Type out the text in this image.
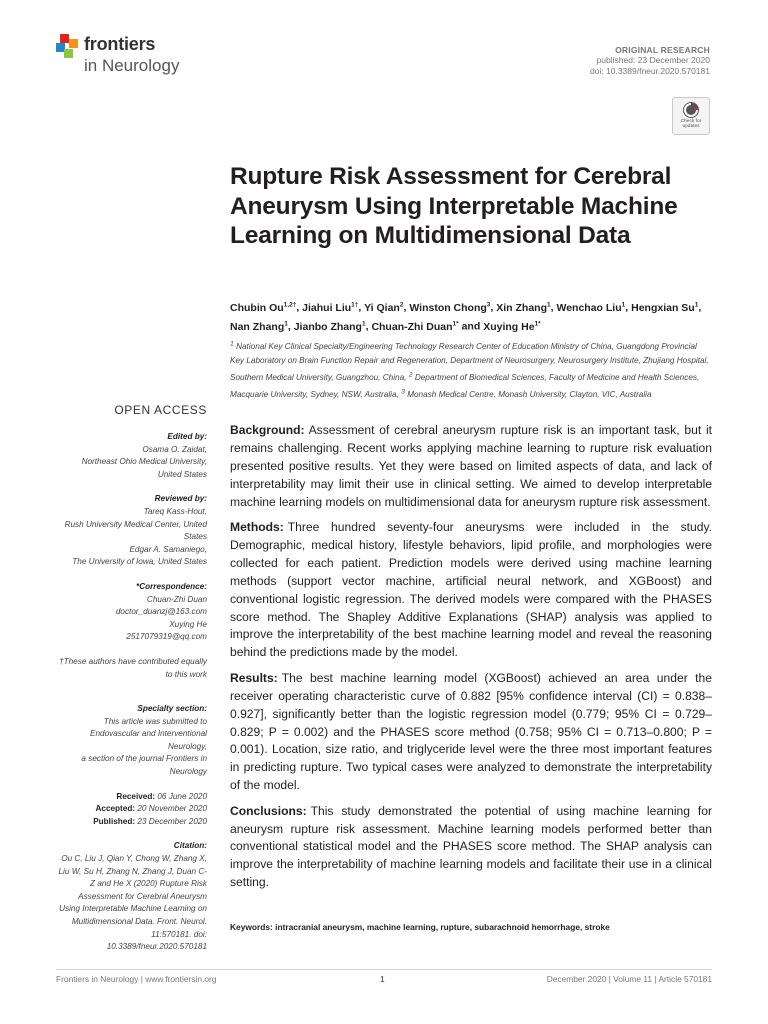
frontiers
in Neurology
ORIGINAL RESEARCH
published: 23 December 2020
doi: 10.3389/fneur.2020.570181
Check for
updates
Rupture Risk Assessment for Cerebral Aneurysm Using Interpretable Machine Learning on Multidimensional Data
Chubin $Ou^{1,2\dagger}$, Jiahui Liu$^{1\dagger}$, Yi Qian$^2$, Winston Chong$^3$, Xin Zhang$^1$, Wenchao Liu$^1$, Hengxian Su$^1$, Nan Zhang$^1$, Jianbo Zhang$^1$, Chuan-Zhi Duan$^{1*}$ and Xuying $He^{1*}$
$^1$ National Key Clinical Specialty/Engineering Technology Research Center of Education Ministry of China, Guangdong Provincial Key Laboratory on Brain Function Repair and Regeneration, Department of Neurosurgery, Neurosurgery Institute, Zhujiang Hospital, Southern Medical University, Guangzhou, China, $^2$ Department of Biomedical Sciences, Faculty of Medicine and Health Sciences, Macquarie University, Sydney, NSW, Australia, $^3$ Monash Medical Centre, Monash University, Clayton, VIC, Australia
OPEN ACCESS
Edited by:
Osama O. Zaidat,
Northeast Ohio Medical University, United States
Reviewed by:
Tareq Kass-Hout,
Rush University Medical Center, United States
Edgar A. Samaniego,
The University of Iowa, United States
*Correspondence:
Chuan-Zhi Duan
doctor_duanzj@163.com
Xuying He
2517079319@qq.com
†These authors have contributed equally to this work
Specialty section:
This article was submitted to Endovascular and Interventional Neurology,
a section of the journal Frontiers in Neurology
Received: 06 June 2020
Accepted: 20 November 2020
Published: 23 December 2020
Citation:
Ou C, Liu J, Qian Y, Chong W, Zhang X, Liu W, Su H, Zhang N, Zhang J, Duan C-Z and He X (2020) Rupture Risk Assessment for Cerebral Aneurysm Using Interpretable Machine Learning on Multidimensional Data. Front. Neurol. 11:570181. doi: 10.3389/fneur.2020.570181

Background: Assessment of cerebral aneurysm rupture risk is an important task, but it remains challenging. Recent works applying machine learning to rupture risk evaluation presented positive results. Yet they were based on limited aspects of data, and lack of interpretability may limit their use in clinical setting. We aimed to develop interpretable machine learning models on multidimensional data for aneurysm rupture risk assessment.

Methods: Three hundred seventy-four aneurysms were included in the study. Demographic, medical history, lifestyle behaviors, lipid profile, and morphologies were collected for each patient. Prediction models were derived using machine learning methods (support vector machine, artificial neural network, and XGBoost) and conventional logistic regression. The derived models were compared with the PHASES score method. The Shapley Additive Explanations (SHAP) analysis was applied to improve the interpretability of the best machine learning model and reveal the reasoning behind the predictions made by the model.

Results: The best machine learning model (XGBoost) achieved an area under the receiver operating characteristic curve of 0.882 [95% confidence interval (CI) = 0.838–0.927], significantly better than the logistic regression model (0.779; 95% CI = 0.729–0.829; P = 0.002) and the PHASES score method (0.758; 95% CI = 0.713–0.800; P = 0.001). Location, size ratio, and triglyceride level were the three most important features in predicting rupture. Two typical cases were analyzed to demonstrate the interpretability of the model.

Conclusions: This study demonstrated the potential of using machine learning for aneurysm rupture risk assessment. Machine learning models performed better than conventional statistical model and the PHASES score method. The SHAP analysis can improve the interpretability of machine learning models and facilitate their use in a clinical setting.

Keywords: intracranial aneurysm, machine learning, rupture, subarachnoid hemorrhage, stroke
Frontiers in Neurology | www.frontiersin.org	1	December 2020 | Volume 11 | Article 570181
